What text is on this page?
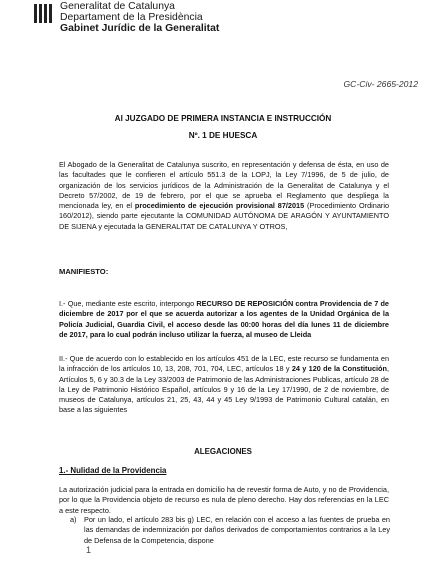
Generalitat de Catalunya
Departament de la Presidència
Gabinet Jurídic de la Generalitat
GC-Civ- 2665-2012
Al JUZGADO DE PRIMERA INSTANCIA E INSTRUCCIÓN
Nº. 1 DE HUESCA

El Abogado de la Generalitat de Catalunya suscrito, en representación y defensa de ésta, en uso de las facultades que le confieren el artículo 551.3 de la LOPJ, la Ley 7/1996, de 5 de julio, de organización de los servicios jurídicos de la Administración de la Generalitat de Catalunya y el Decreto 57/2002, de 19 de febrero, por el que se aprueba el Reglamento que despliega la mencionada ley, en el procedimiento de ejecución provisional 87/2015 (Procedimiento Ordinario 160/2012), siendo parte ejecutante la COMUNIDAD AUTÓNOMA DE ARAGÓN Y AYUNTAMIENTO DE SIJENA y ejecutada la GENERALITAT DE CATALUNYA Y OTROS,

MANIFIESTO:

I.- Que, mediante este escrito, interpongo RECURSO DE REPOSICIÓN contra Providencia de 7 de diciembre de 2017 por el que se acuerda autorizar a los agentes de la Unidad Orgánica de la Policía Judicial, Guardia Civil, el acceso desde las 00:00 horas del día lunes 11 de diciembre de 2017, para lo cual podrán incluso utilizar la fuerza, al museo de Lleida

II.- Que de acuerdo con lo establecido en los artículos 451 de la LEC, este recurso se fundamenta en la infracción de los artículos 10, 13, 208, 701, 704, LEC, artículos 18 y 24 y 120 de la Constitución, Artículos 5, 6 y 30.3 de la Ley 33/2003 de Patrimonio de las Administraciones Publicas, artículo 28 de la Ley de Patrimonio Histórico Español, artículos 9 y 16 de la Ley 17/1990, de 2 de noviembre, de museos de Catalunya, artículos 21, 25, 43, 44 y 45 Ley 9/1993 de Patrimonio Cultural catalán, en base a las siguientes

ALEGACIONES
1.- Nulidad de la Providencia

La autorización judicial para la entrada en domicilio ha de revestir forma de Auto, y no de Providencia, por lo que la Providencia objeto de recurso es nula de pleno derecho. Hay dos referencias en la LEC a este respecto.

a) Por un lado, el artículo 283 bis g) LEC, en relación con el acceso a las fuentes de prueba en las demandas de indemnización por daños derivados de comportamientos contrarios a la Ley de Defensa de la Competencia, dispone
1
